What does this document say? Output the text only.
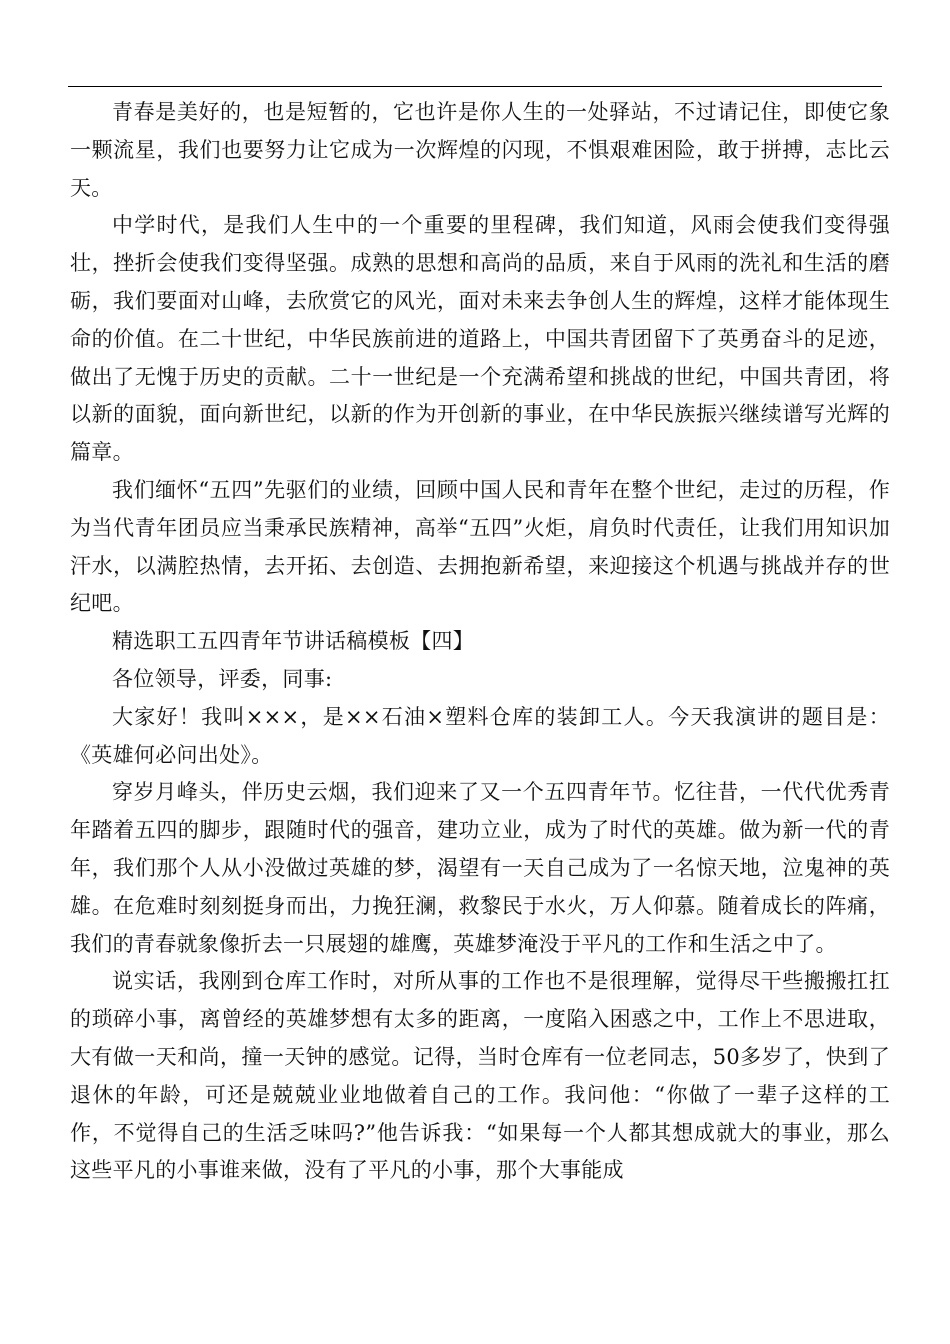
青春是美好的，也是短暂的，它也许是你人生的一处驿站，不过请记住，即使它象一颗流星，我们也要努力让它成为一次辉煌的闪现，不惧艰难困险，敢于拼搏，志比云天。

中学时代，是我们人生中的一个重要的里程碑，我们知道，风雨会使我们变得强壮，挫折会使我们变得坚强。成熟的思想和高尚的品质，来自于风雨的洗礼和生活的磨砺，我们要面对山峰，去欣赏它的风光，面对未来去争创人生的辉煌，这样才能体现生命的价值。在二十世纪，中华民族前进的道路上，中国共青团留下了英勇奋斗的足迹，做出了无愧于历史的贡献。二十一世纪是一个充满希望和挑战的世纪，中国共青团，将以新的面貌，面向新世纪，以新的作为开创新的事业，在中华民族振兴继续谱写光辉的篇章。

我们缅怀“五四”先驱们的业绩，回顾中国人民和青年在整个世纪，走过的历程，作为当代青年团员应当秉承民族精神，高举“五四”火炬，肩负时代责任，让我们用知识加汗水，以满腔热情，去开拓、去创造、去拥抱新希望，来迎接这个机遇与挑战并存的世纪吧。

精选职工五四青年节讲话稿模板【四】

各位领导，评委，同事:

大家好！我叫×××，是××石油×塑料仓库的装卸工人。今天我演讲的题目是：《英雄何必问出处》。

穿岁月峰头，伴历史云烟，我们迎来了又一个五四青年节。忆往昔，一代代优秀青年踏着五四的脚步，跟随时代的强音，建功立业，成为了时代的英雄。做为新一代的青年，我们那个人从小没做过英雄的梦，渴望有一天自己成为了一名惊天地，泣鬼神的英雄。在危难时刻刻挺身而出，力挽狂澜，救黎民于水火，万人仰慕。随着成长的阵痛，我们的青春就象像折去一只展翅的雄鹰，英雄梦淹没于平凡的工作和生活之中了。

说实话，我刚到仓库工作时，对所从事的工作也不是很理解，觉得尽干些搬搬扛扛的琐碎小事，离曾经的英雄梦想有太多的距离，一度陷入困惑之中，工作上不思进取，大有做一天和尚，撞一天钟的感觉。记得，当时仓库有一位老同志，50多岁了，快到了退休的年龄，可还是兢兢业业地做着自己的工作。我问他：“你做了一辈子这样的工作，不觉得自己的生活乏味吗?”他告诉我：“如果每一个人都其想成就大的事业，那么这些平凡的小事谁来做，没有了平凡的小事，那个大事能成
